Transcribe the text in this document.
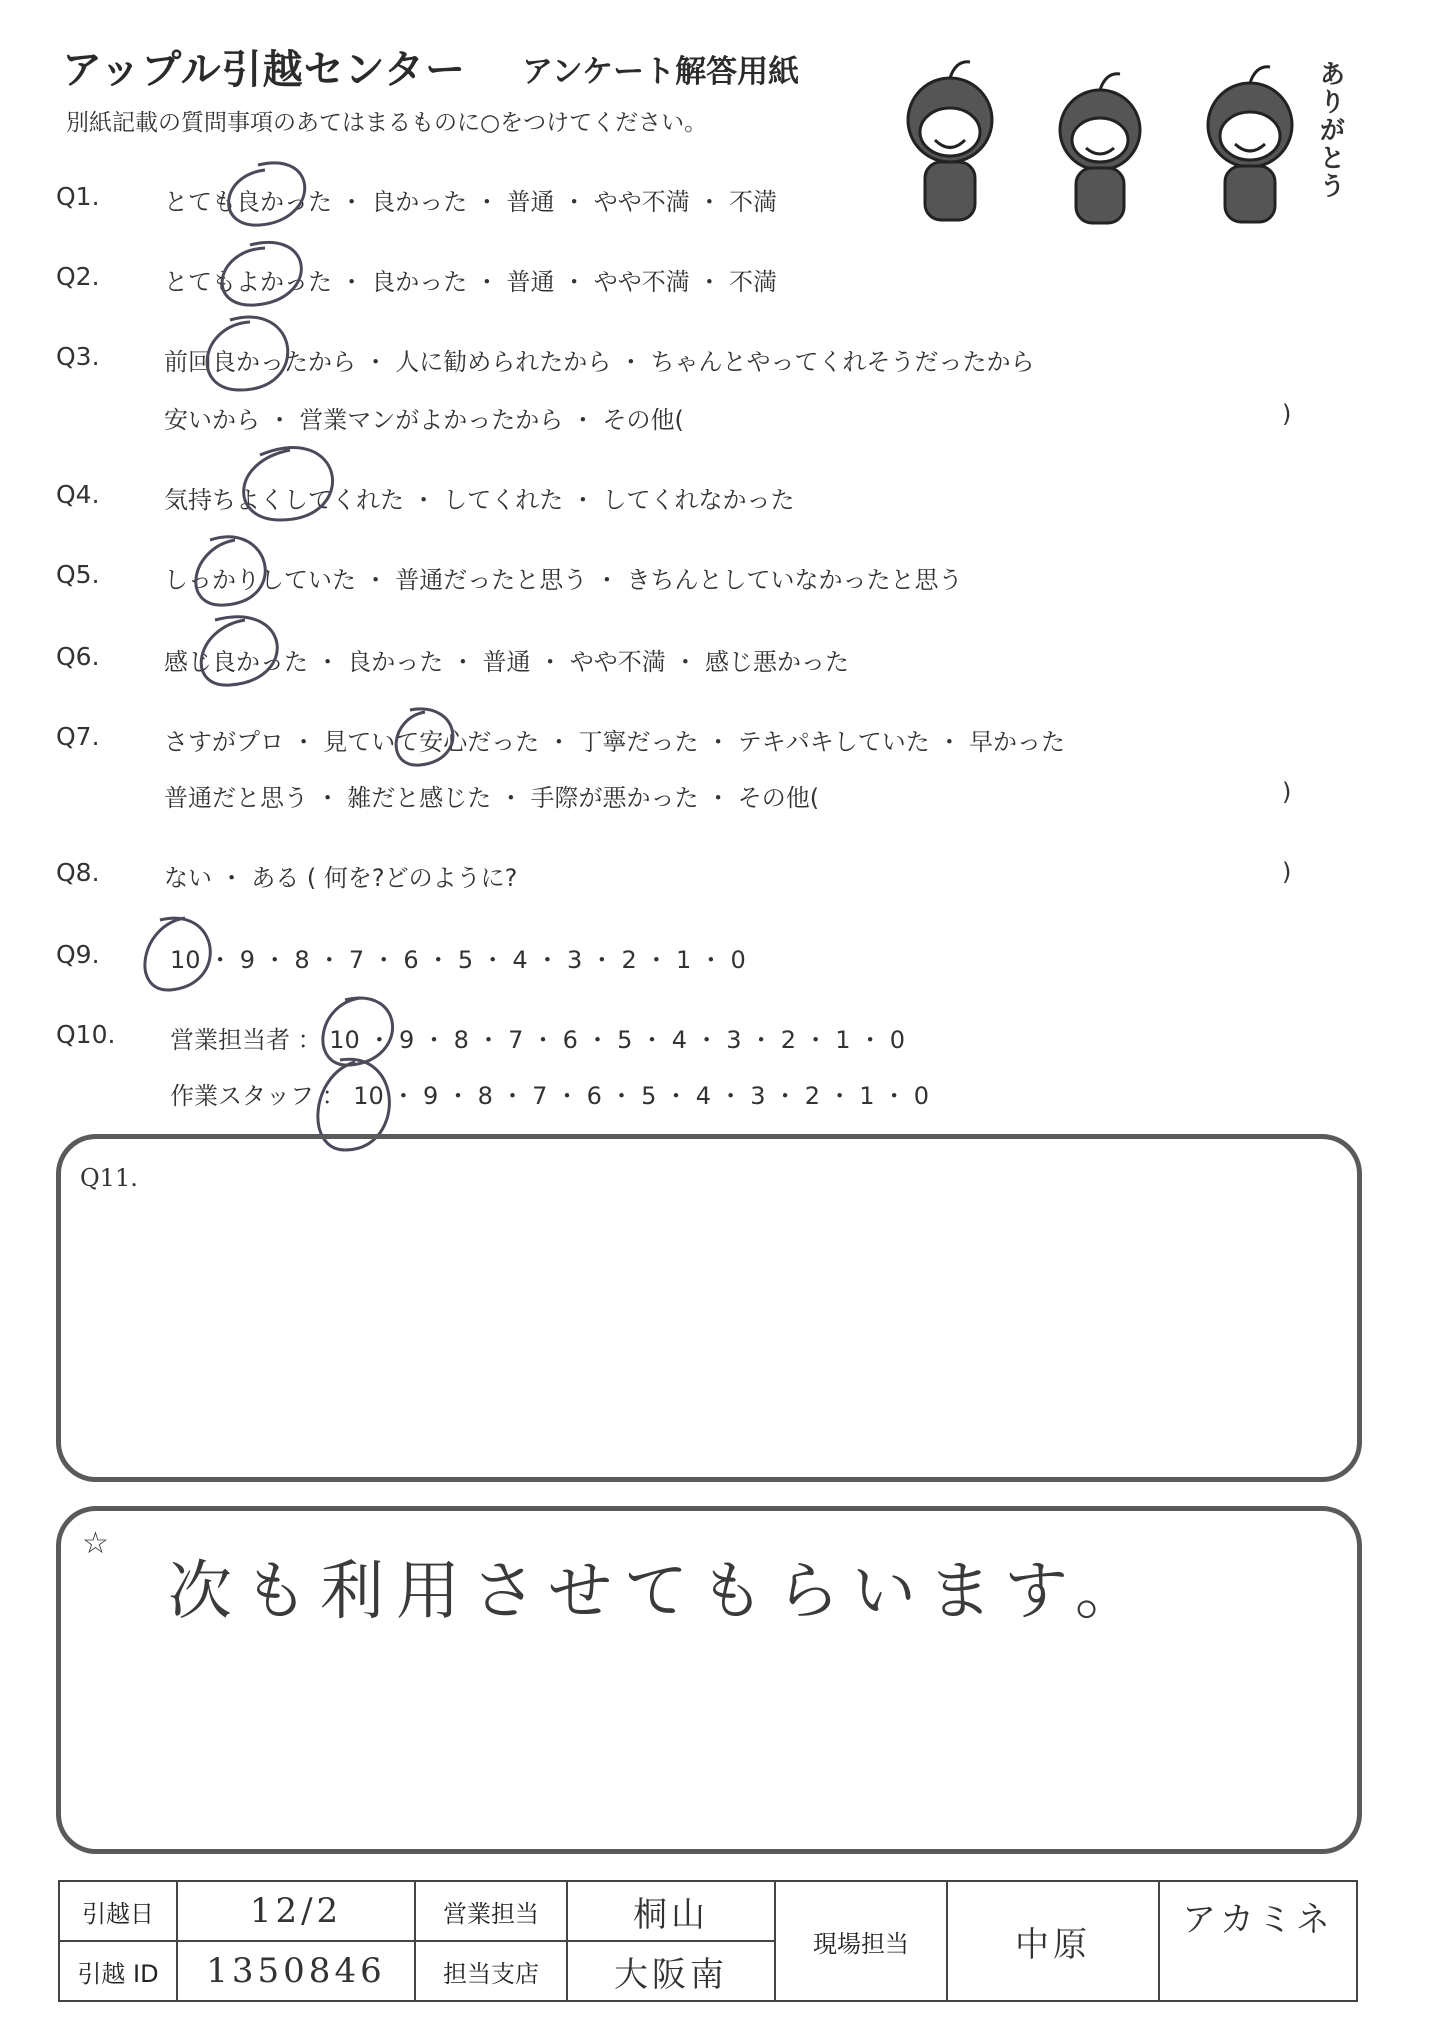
アップル引越センター アンケート解答用紙
別紙記載の質問事項のあてはまるものに○をつけてください。	ありがとう
Q1.	とても良かった ・ 良かった ・ 普通 ・ やや不満 ・ 不満
Q2.	とてもよかった ・ 良かった ・ 普通 ・ やや不満 ・ 不満
Q3.	前回良かったから ・ 人に勧められたから ・ ちゃんとやってくれそうだったから
安いから ・ 営業マンがよかったから ・ その他(	)
Q4.	気持ちよくしてくれた ・ してくれた ・ してくれなかった
Q5.	しっかりしていた ・ 普通だったと思う ・ きちんとしていなかったと思う
Q6.	感じ良かった ・ 良かった ・ 普通 ・ やや不満 ・ 感じ悪かった
Q7.	さすがプロ ・ 見ていて安心だった ・ 丁寧だった ・ テキパキしていた ・ 早かった
普通だと思う ・ 雑だと感じた ・ 手際が悪かった ・ その他(	)
Q8.	ない ・ ある ( 何を?どのように?	)
Q9.	10 ・ 9 ・ 8 ・ 7 ・ 6 ・ 5 ・ 4 ・ 3 ・ 2 ・ 1 ・ 0
Q10. 営業担当者 ： 10 ・ 9 ・ 8 ・ 7 ・ 6 ・ 5 ・ 4 ・ 3 ・ 2 ・ 1 ・ 0
作業スタッフ ： 10 ・ 9 ・ 8 ・ 7 ・ 6 ・ 5 ・ 4 ・ 3 ・ 2 ・ 1 ・ 0
Q11.
☆
次も利用させてもらいます。
引越日	12/2	営業担当	桐山	現場担当	中原	アカミネ
引越 ID	1350846	担当支店	大阪南			
